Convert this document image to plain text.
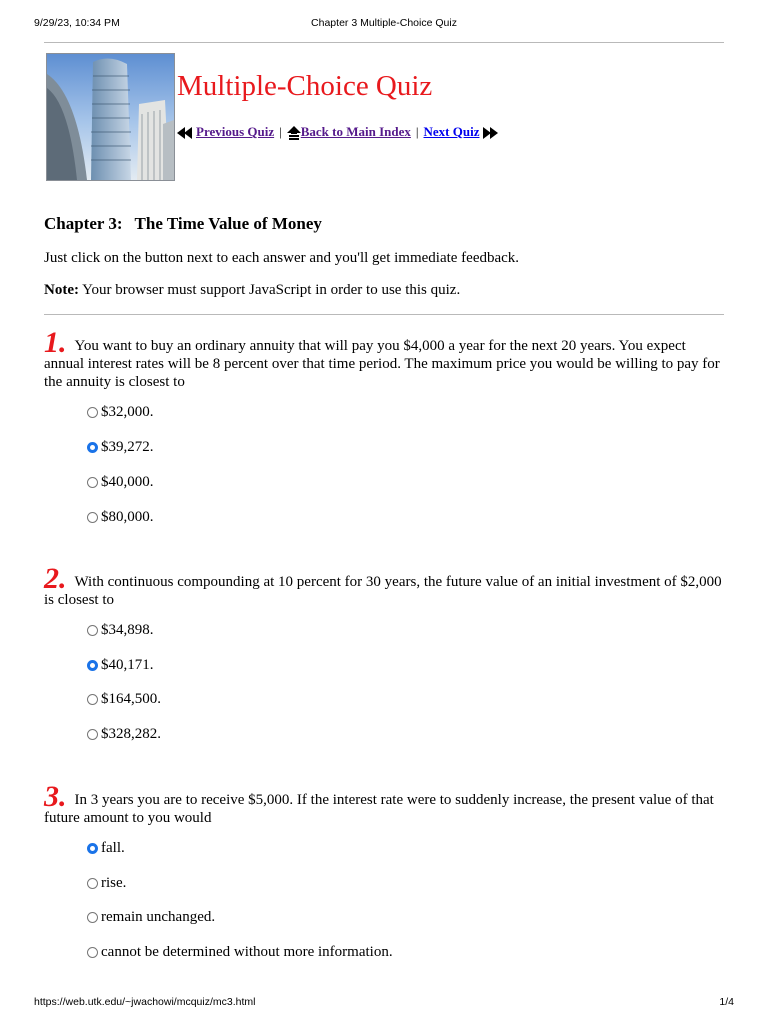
9/29/23, 10:34 PM	Chapter 3 Multiple-Choice Quiz
Multiple-Choice Quiz
Previous Quiz | Back to Main Index | Next Quiz
Chapter 3: The Time Value of Money

Just click on the button next to each answer and you'll get immediate feedback.

Note: Your browser must support JavaScript in order to use this quiz.

1. You want to buy an ordinary annuity that will pay you $4,000 a year for the next 20 years. You expect annual interest rates will be 8 percent over that time period. The maximum price you would be willing to pay for the annuity is closest to
$32,000.
$39,272.
$40,000.
$80,000.
2. With continuous compounding at 10 percent for 30 years, the future value of an initial investment of $2,000 is closest to
$34,898.
$40,171.
$164,500.
$328,282.
3. In 3 years you are to receive $5,000. If the interest rate were to suddenly increase, the present value of that future amount to you would
fall.
rise.
remain unchanged.
cannot be determined without more information.
https://web.utk.edu/~jwachowi/mcquiz/mc3.html	1/4
